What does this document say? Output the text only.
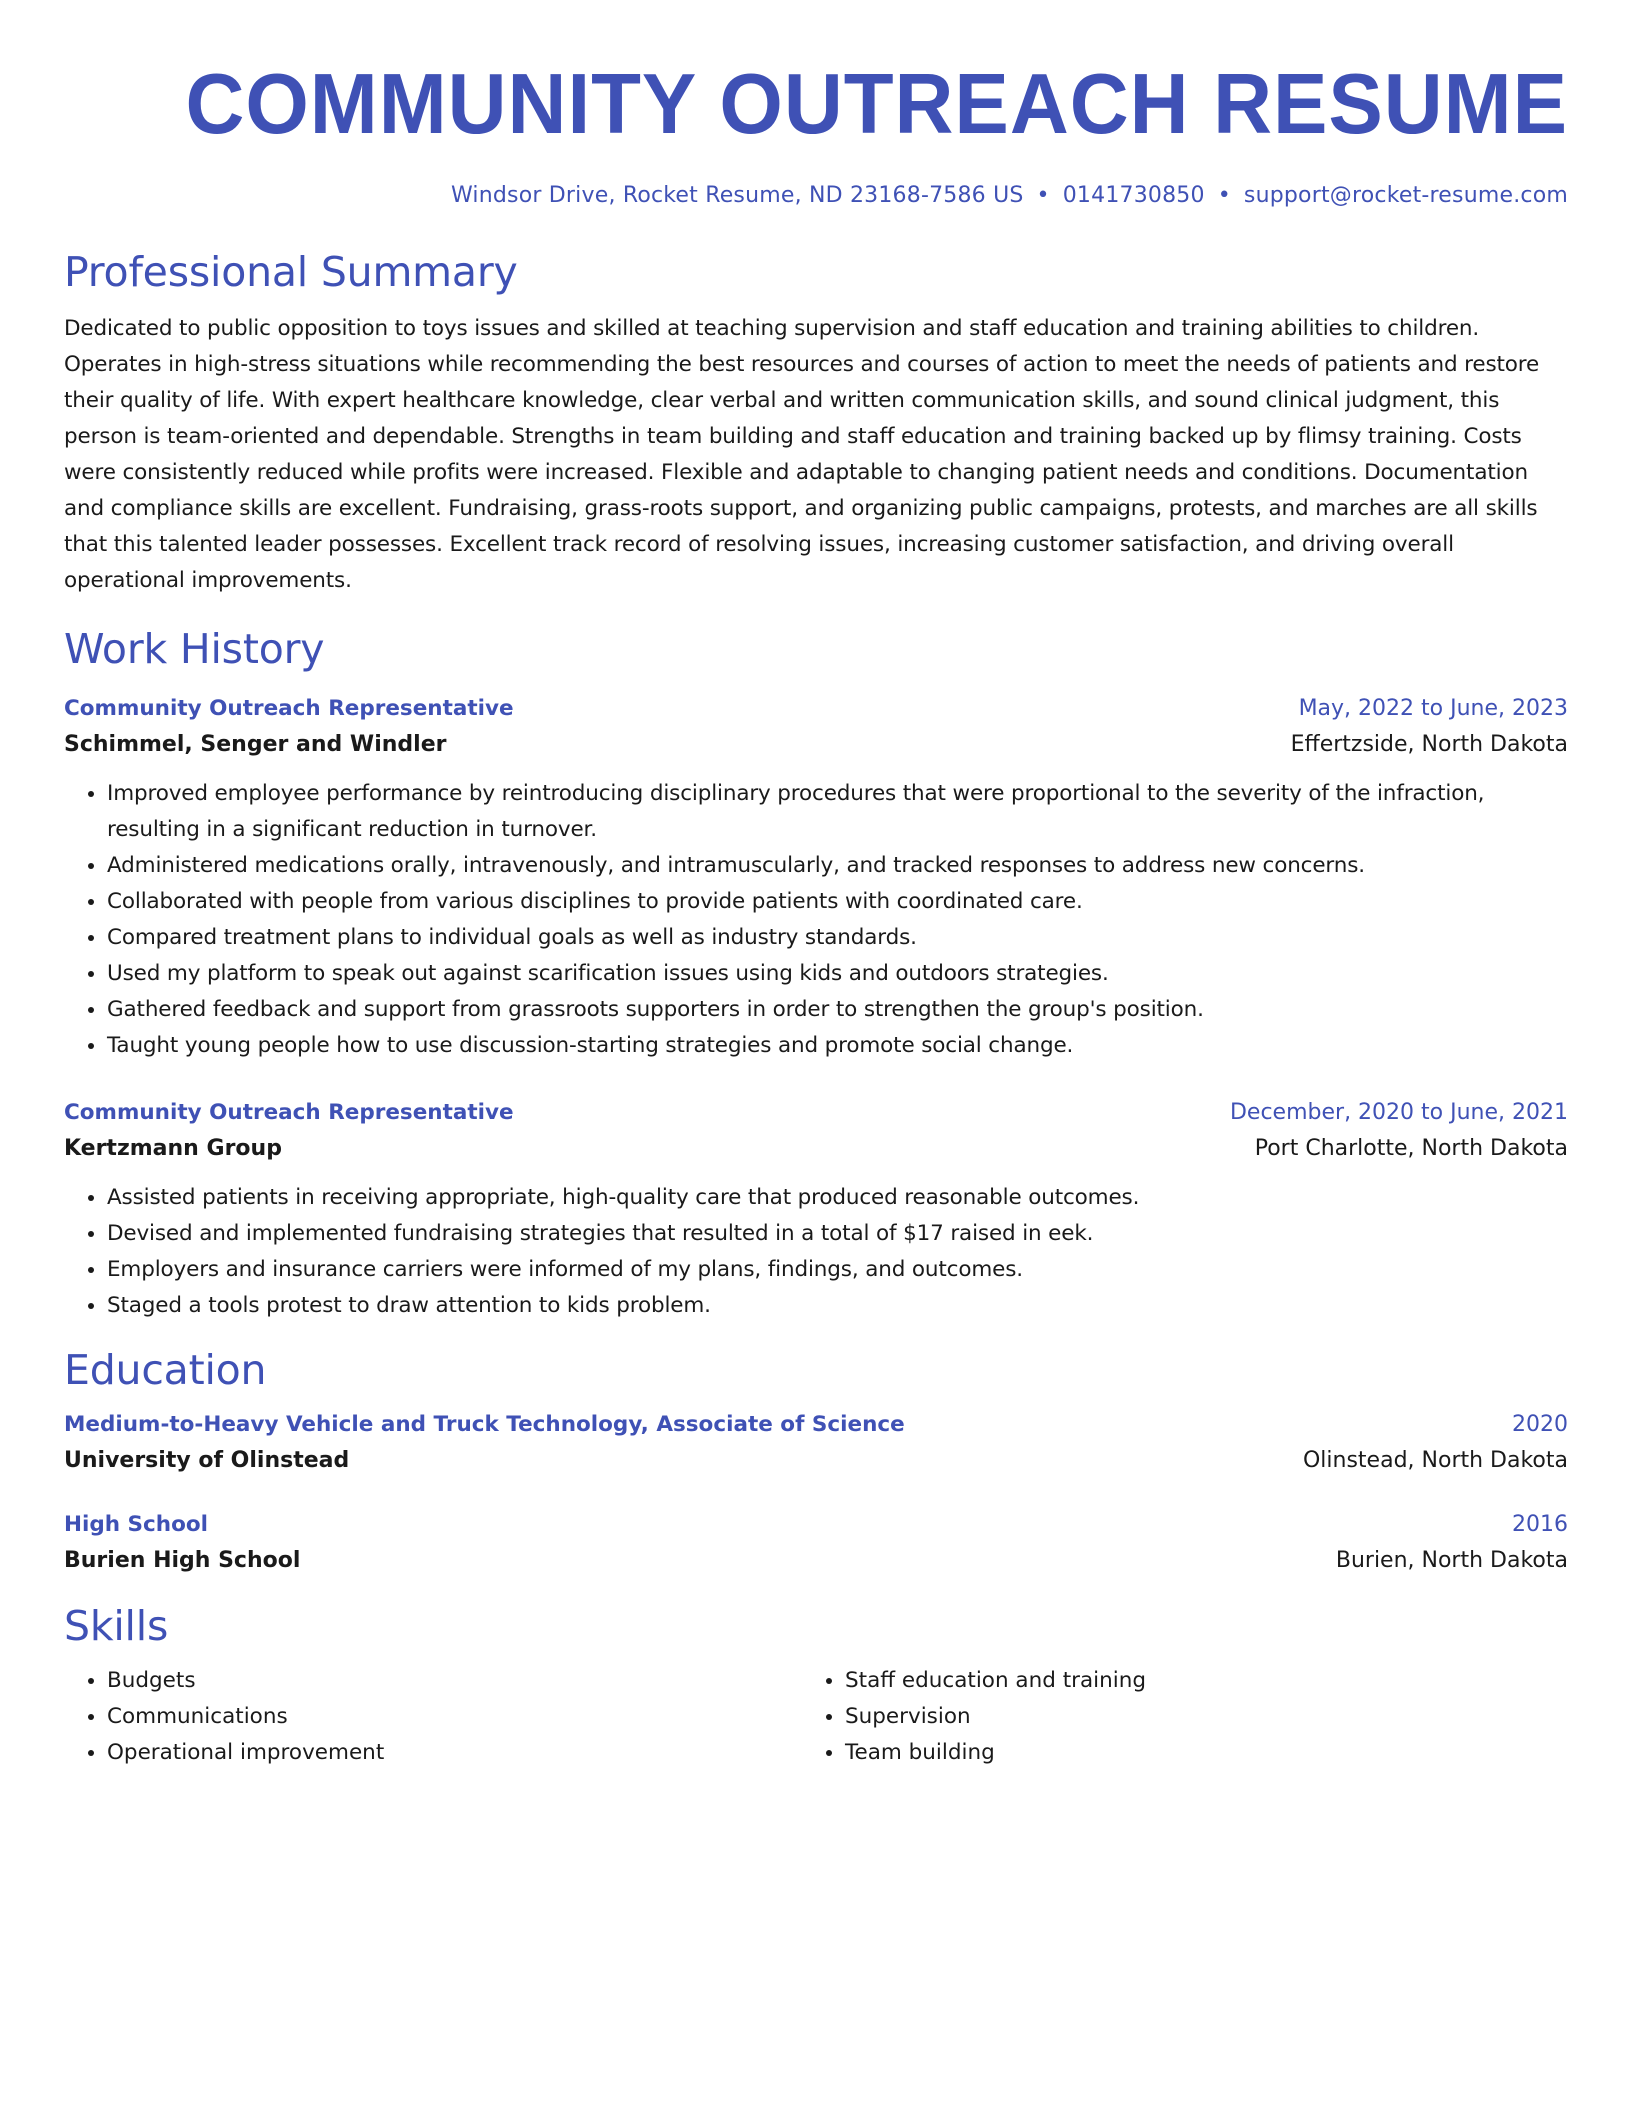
COMMUNITY OUTREACH RESUME
Windsor Drive, Rocket Resume, ND 23168-7586 US • 0141730850 • support@rocket-resume.com
Professional Summary
Dedicated to public opposition to toys issues and skilled at teaching supervision and staff education and training abilities to children. Operates in high-stress situations while recommending the best resources and courses of action to meet the needs of patients and restore their quality of life. With expert healthcare knowledge, clear verbal and written communication skills, and sound clinical judgment, this person is team-oriented and dependable. Strengths in team building and staff education and training backed up by flimsy training. Costs were consistently reduced while profits were increased. Flexible and adaptable to changing patient needs and conditions. Documentation and compliance skills are excellent. Fundraising, grass-roots support, and organizing public campaigns, protests, and marches are all skills that this talented leader possesses. Excellent track record of resolving issues, increasing customer satisfaction, and driving overall operational improvements.
Work History
Community Outreach Representative	May, 2022 to June, 2023
Schimmel, Senger and Windler	Effertzside, North Dakota
• Improved employee performance by reintroducing disciplinary procedures that were proportional to the severity of the infraction, resulting in a significant reduction in turnover.
• Administered medications orally, intravenously, and intramuscularly, and tracked responses to address new concerns.
• Collaborated with people from various disciplines to provide patients with coordinated care.
• Compared treatment plans to individual goals as well as industry standards.
• Used my platform to speak out against scarification issues using kids and outdoors strategies.
• Gathered feedback and support from grassroots supporters in order to strengthen the group's position.
• Taught young people how to use discussion-starting strategies and promote social change.
Community Outreach Representative	December, 2020 to June, 2021
Kertzmann Group	Port Charlotte, North Dakota
• Assisted patients in receiving appropriate, high-quality care that produced reasonable outcomes.
• Devised and implemented fundraising strategies that resulted in a total of $17 raised in eek.
• Employers and insurance carriers were informed of my plans, findings, and outcomes.
• Staged a tools protest to draw attention to kids problem.
Education
Medium-to-Heavy Vehicle and Truck Technology, Associate of Science	2020
University of Olinstead	Olinstead, North Dakota
High School	2016
Burien High School	Burien, North Dakota
Skills
• Budgets
• Communications
• Operational improvement
• Staff education and training
• Supervision
• Team building
